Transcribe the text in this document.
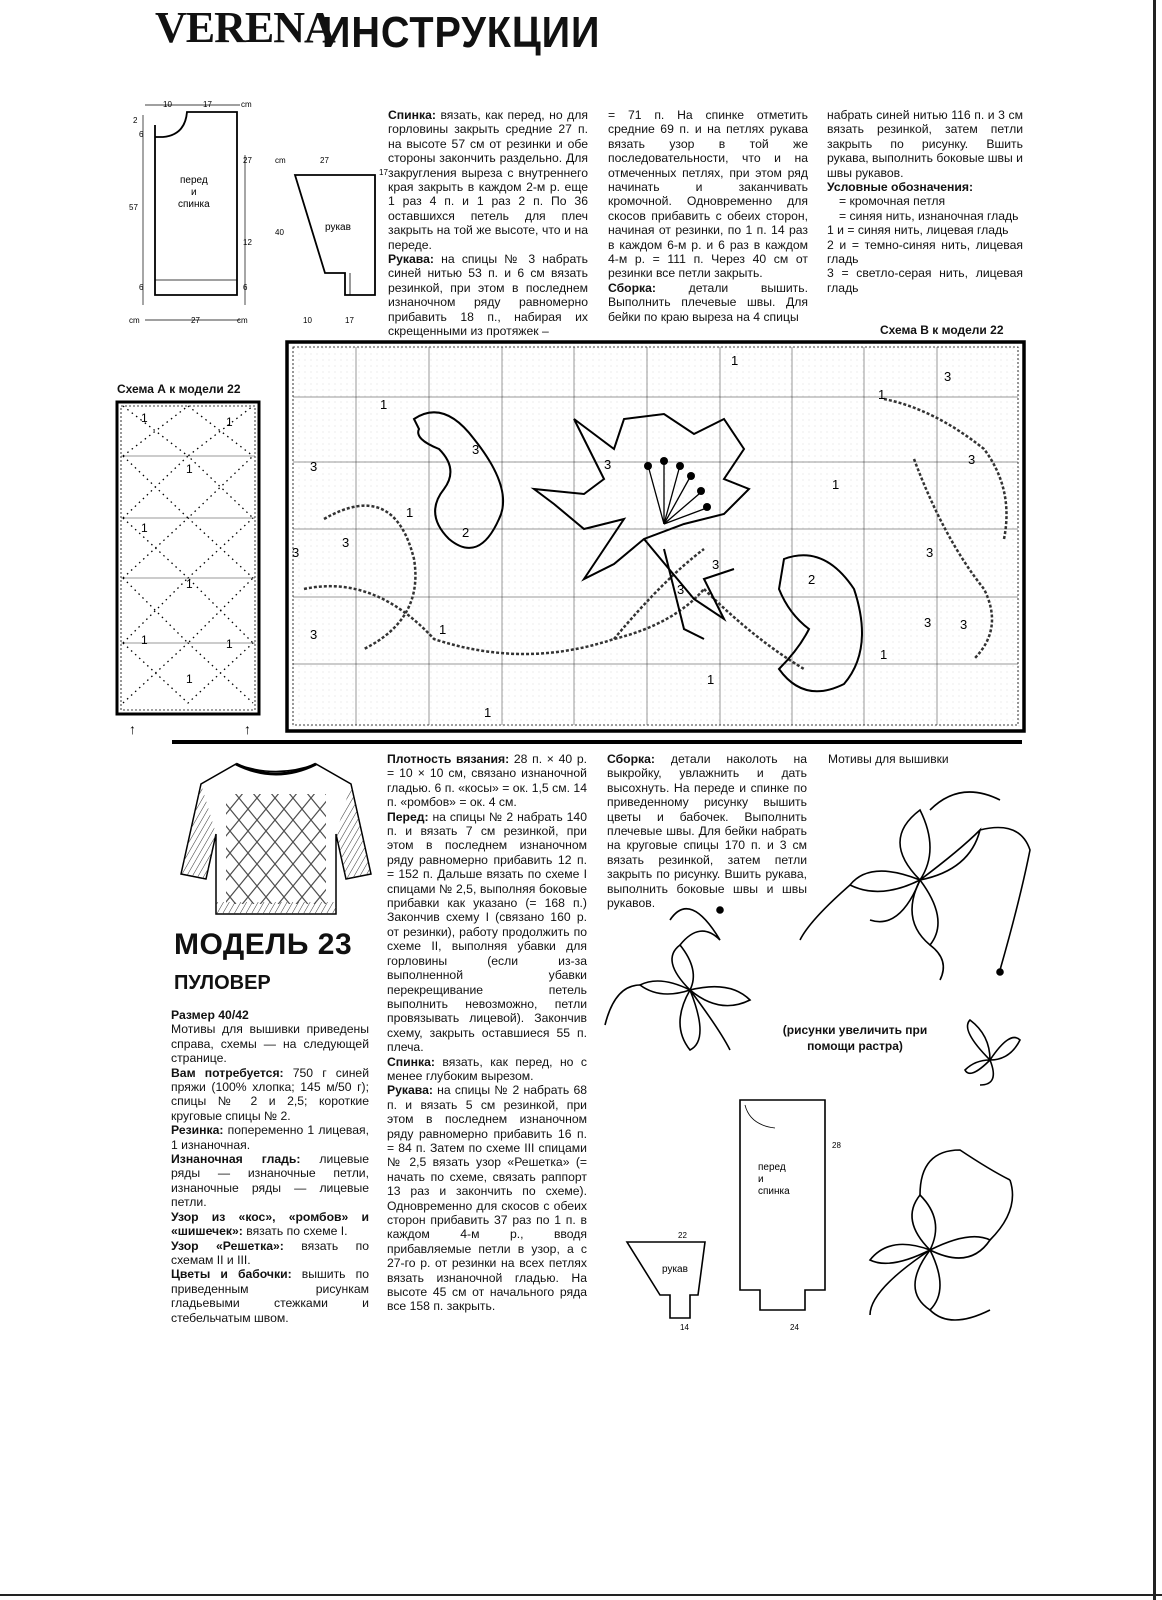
VERENA
ИНСТРУКЦИИ
перед
и
спинка
рукав
10	17	cm
2
6
57
27	27
12
40
17
6	6
cm	27	cm	10	17
cm

Спинка: вязать, как перед, но для горловины закрыть средние 27 п. на высоте 57 см от резинки и обе стороны закончить раздельно. Для закругления выреза с внутреннего края закрыть в каждом 2-м р. еще 1 раз 4 п. и 1 раз 2 п. По 36 оставшихся петель для плеч закрыть на той же высоте, что и на переде.

Рукава: на спицы № 3 набрать синей нитью 53 п. и 6 см вязать резинкой, при этом в последнем изнаночном ряду равномерно прибавить 18 п., набирая их скрещенными из протяжек –

= 71 п. На спинке отметить средние 69 п. и на петлях рукава вязать узор в той же последовательности, что и на отмеченных петлях, при этом ряд начинать и заканчивать кромочной. Одновременно для скосов прибавить с обеих сторон, начиная от резинки, по 1 п. 14 раз в каждом 6-м р. и 6 раз в каждом 4-м р. = 111 п. Через 40 см от резинки все петли закрыть.

Сборка: детали вышить. Выполнить плечевые швы. Для бейки по краю выреза на 4 спицы

набрать синей нитью 116 п. и 3 см вязать резинкой, затем петли закрыть по рисунку. Вшить рукава, выполнить боковые швы и швы рукавов.

Условные обозначения:

= кромочная петля

= синяя нить, изнаночная гладь

1 и = синяя нить, лицевая гладь

2 и = темно-синяя нить, лицевая гладь

3 = светло-серая нить, лицевая гладь

Схема В к модели 22
Схема А к модели 22
1	1
1
1
1
1
1
1
↑	↑
1
1
1
1
1
1
1
1
1
2
2
3
3
3
3
3
3
3
3
3
3 3
3
3
МОДЕЛЬ 23
ПУЛОВЕР

Размер 40/42

Мотивы для вышивки приведены справа, схемы — на следующей странице.

Вам потребуется: 750 г синей пряжи (100% хлопка; 145 м/50 г); спицы № 2 и 2,5; короткие круговые спицы № 2.

Резинка: попеременно 1 лицевая, 1 изнаночная.

Изнаночная гладь: лицевые ряды — изнаночные петли, изнаночные ряды — лицевые петли.

Узор из «кос», «ромбов» и «шишечек»: вязать по схеме I.

Узор «Решетка»: вязать по схемам II и III.

Цветы и бабочки: вышить по приведенным рисункам гладьевыми стежками и стебельчатым швом.

Плотность вязания: 28 п. × 40 р. = 10 × 10 см, связано изнаночной гладью. 6 п. «косы» = ок. 1,5 см. 14 п. «ромбов» = ок. 4 см.

Перед: на спицы № 2 набрать 140 п. и вязать 7 см резинкой, при этом в последнем изнаночном ряду равномерно прибавить 12 п. = 152 п. Дальше вязать по схеме I спицами № 2,5, выполняя боковые прибавки как указано (= 168 п.) Закончив схему I (связано 160 р. от резинки), работу продолжить по схеме II, выполняя убавки для горловины (если из-за выполненной убавки перекрещивание петель выполнить невозможно, петли провязывать лицевой). Закончив схему, закрыть оставшиеся 55 п. плеча.

Спинка: вязать, как перед, но с менее глубоким вырезом.

Рукава: на спицы № 2 набрать 68 п. и вязать 5 см резинкой, при этом в последнем изнаночном ряду равномерно прибавить 16 п. = 84 п. Затем по схеме III спицами № 2,5 вязать узор «Решетка» (= начать по схеме, связать раппорт 13 раз и закончить по схеме). Одновременно для скосов с обеих сторон прибавить 37 раз по 1 п. в каждом 4-м р., вводя прибавляемые петли в узор, а с 27-го р. от резинки на всех петлях вязать изнаночной гладью. На высоте 45 см от начального ряда все 158 п. закрыть.

Сборка: детали наколоть на выкройку, увлажнить и дать высохнуть. На переде и спинке по приведенному рисунку вышить цветы и бабочек. Выполнить плечевые швы. Для бейки набрать на круговые спицы 170 п. и 3 см вязать резинкой, затем петли закрыть по рисунку. Вшить рукава, выполнить боковые швы и швы рукавов.

Мотивы для вышивки
(рисунки увеличить при помощи растра)
перед
и
спинка
рукав
22
28
24
14
